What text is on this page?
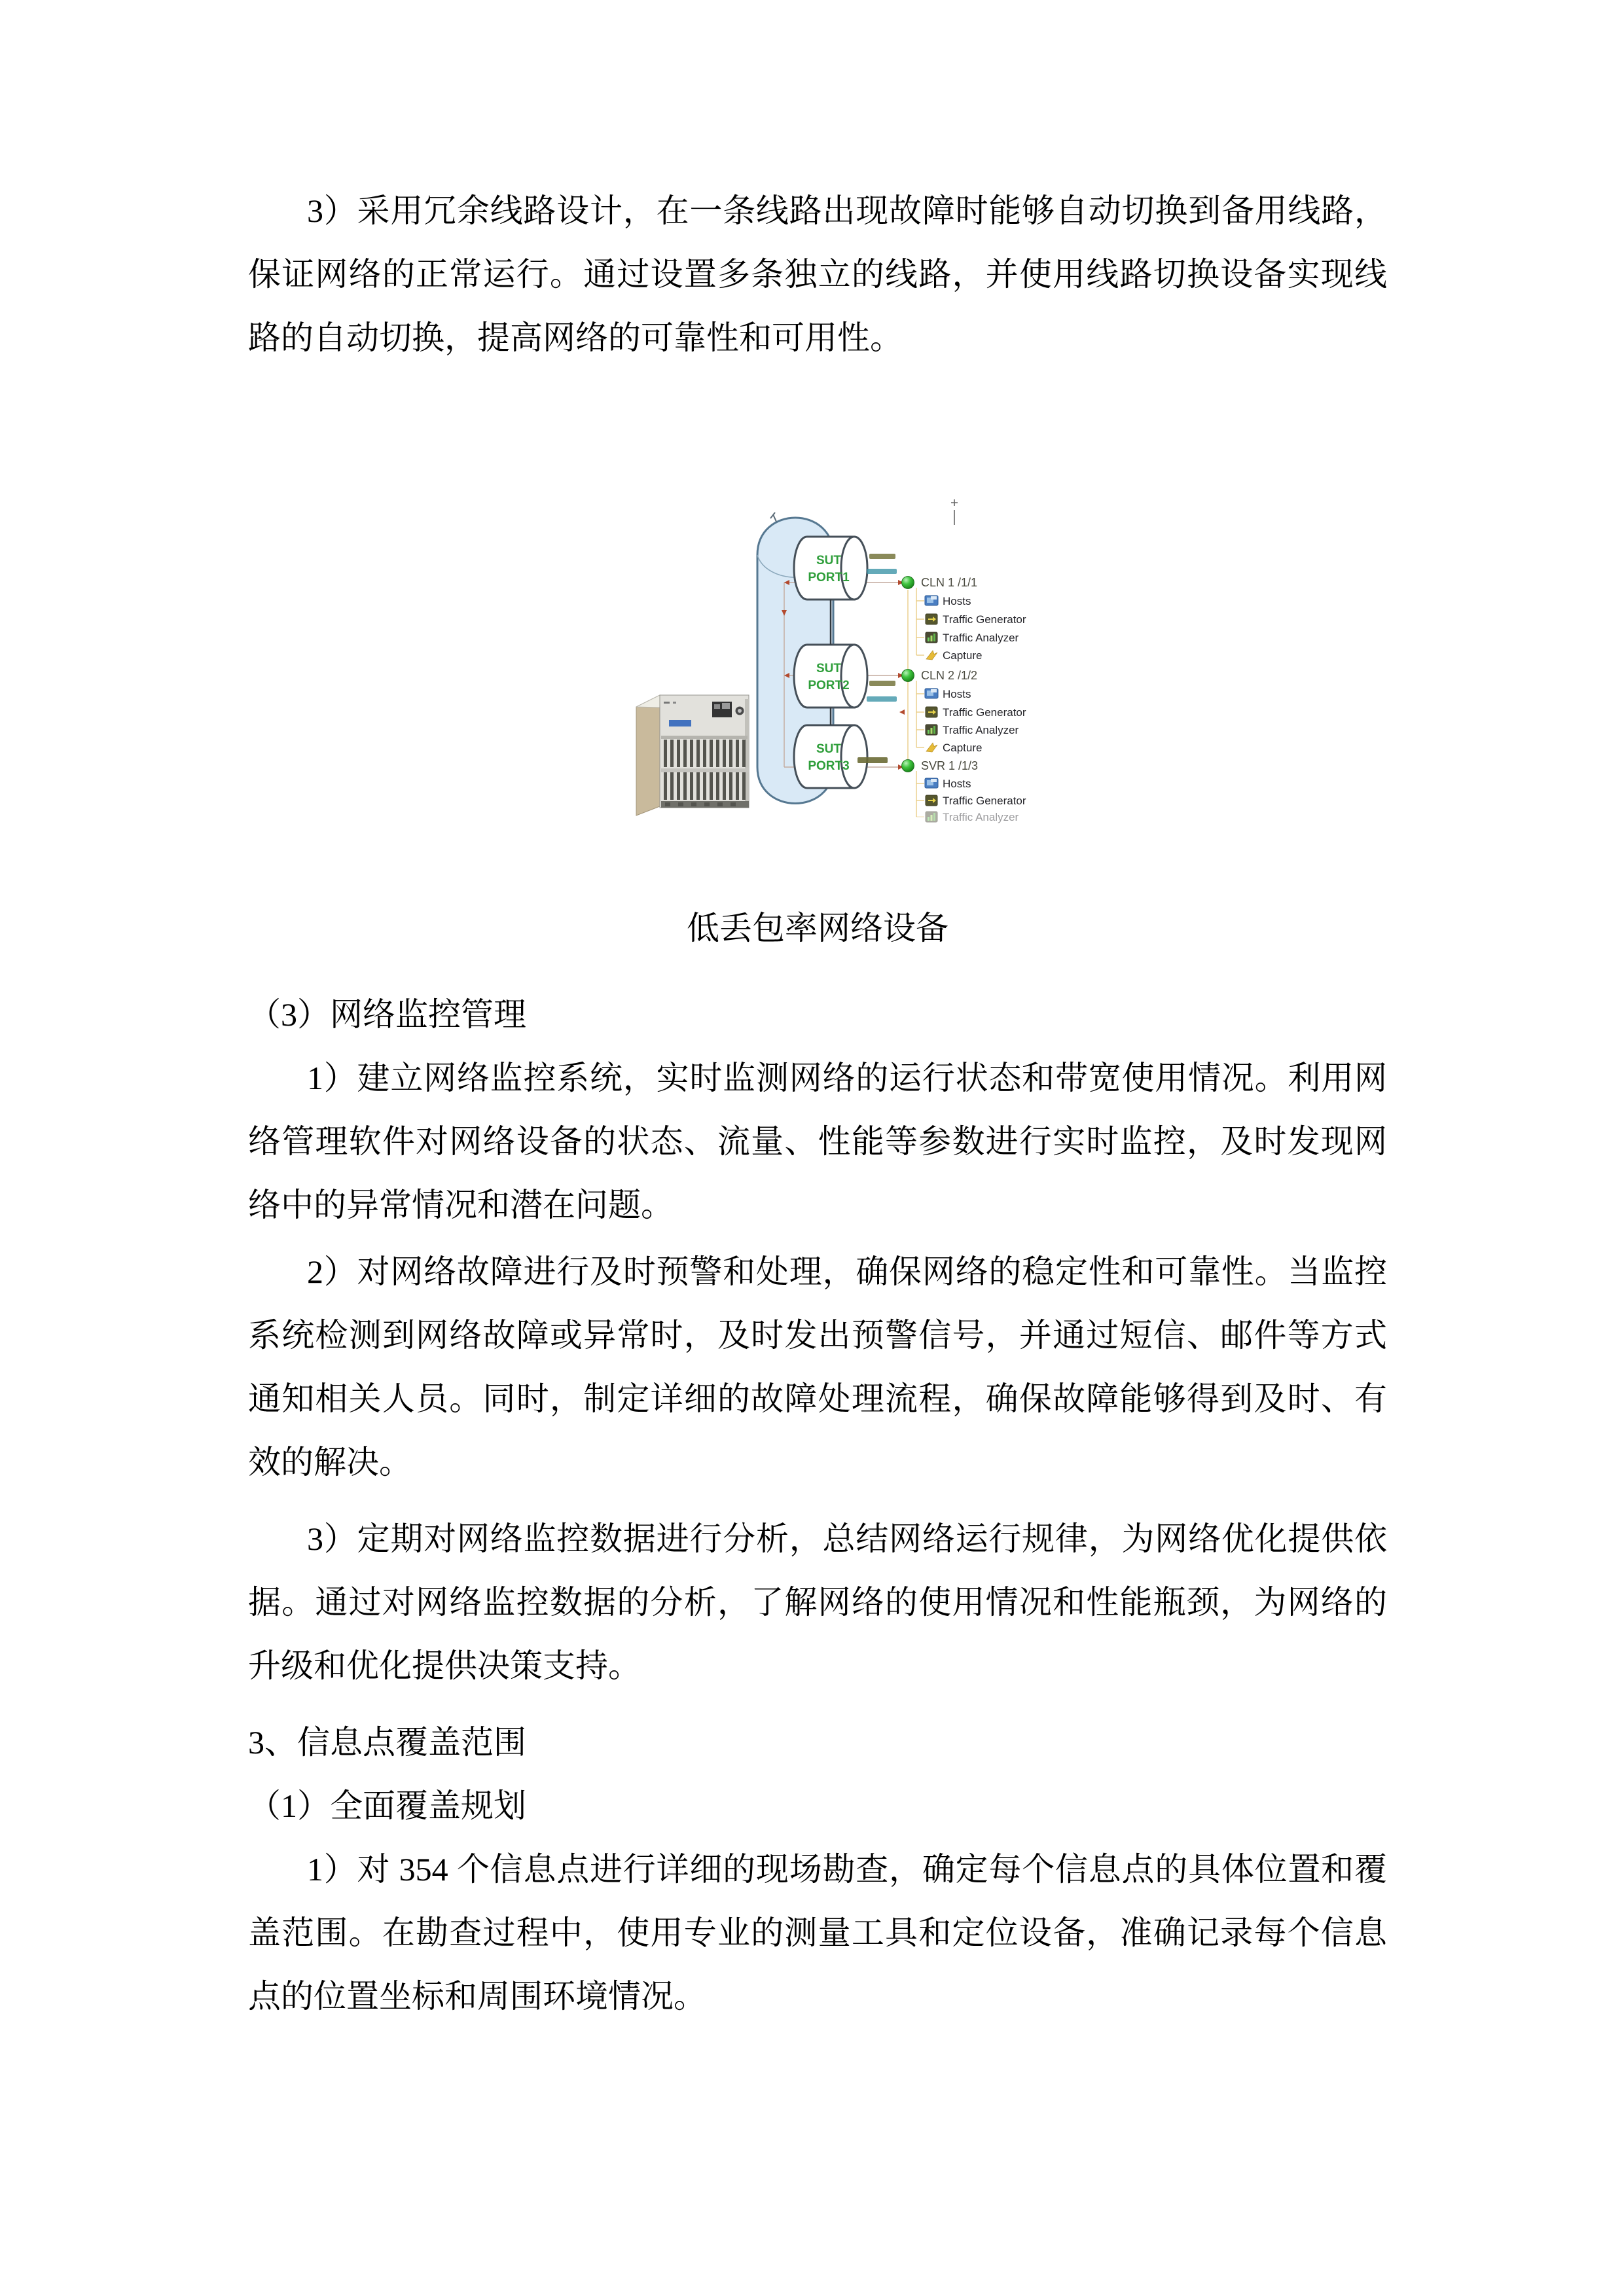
3）采用冗余线路设计，在一条线路出现故障时能够自动切换到备用线路，保证网络的正常运行。通过设置多条独立的线路，并使用线路切换设备实现线路的自动切换，提高网络的可靠性和可用性。

SUT
PORT1
SUT
PORT2
SUT
PORT3
CLN 1 /1/1
Hosts
Traffic Generator
Traffic Analyzer
Capture
CLN 2 /1/2
Hosts
Traffic Generator
Traffic Analyzer
Capture
SVR 1 /1/3
Hosts
Traffic Generator
Traffic Analyzer

低丢包率网络设备

（3）网络监控管理

1）建立网络监控系统，实时监测网络的运行状态和带宽使用情况。利用网络管理软件对网络设备的状态、流量、性能等参数进行实时监控，及时发现网络中的异常情况和潜在问题。

2）对网络故障进行及时预警和处理，确保网络的稳定性和可靠性。当监控系统检测到网络故障或异常时，及时发出预警信号，并通过短信、邮件等方式通知相关人员。同时，制定详细的故障处理流程，确保故障能够得到及时、有效的解决。

3）定期对网络监控数据进行分析，总结网络运行规律，为网络优化提供依据。通过对网络监控数据的分析，了解网络的使用情况和性能瓶颈，为网络的升级和优化提供决策支持。

3、信息点覆盖范围

（1）全面覆盖规划

1）对 354 个信息点进行详细的现场勘查，确定每个信息点的具体位置和覆盖范围。在勘查过程中，使用专业的测量工具和定位设备，准确记录每个信息点的位置坐标和周围环境情况。
